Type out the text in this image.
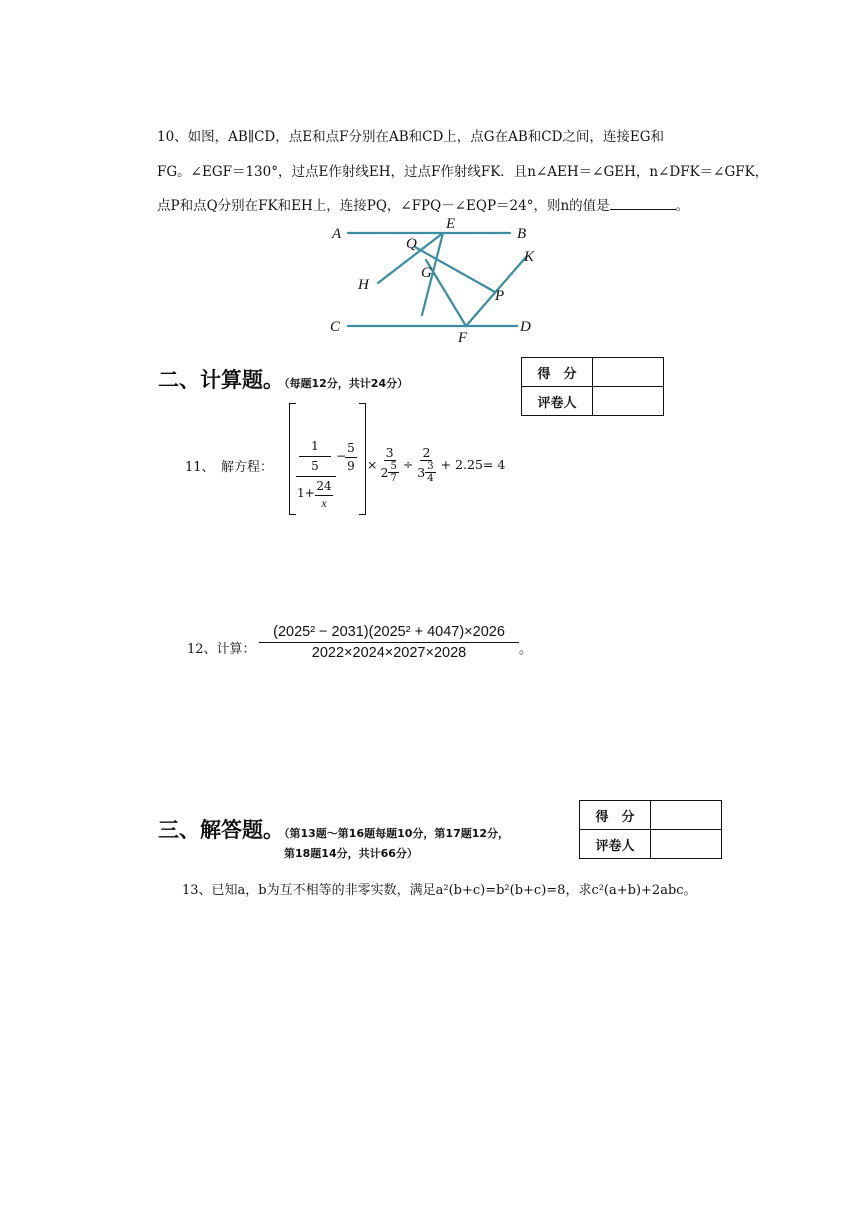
10、如图，AB∥CD，点E和点F分别在AB和CD上，点G在AB和CD之间，连接EG和
FG。∠EGF＝130°，过点E作射线EH，过点F作射线FK．且n∠AEH＝∠GEH，n∠DFK＝∠GFK，
点P和点Q分别在FK和EH上，连接PQ，∠FPQ－∠EQP＝24°，则n的值是	。
A
E
B
Q
K
G
H
P
C
F
D
二、计算题。（每题12分，共计24分）
得　分	
评卷人	
11、　解方程：
1
5
1+ 24
x
−
5
$9 \times \frac{3}{2 \frac{5}{7}} \div \frac{2}{3 \frac{3}{4}} + 2.25= 4$
12、计算：
(2025² − 2031)(2025² + 4047)×2026
2022×2024×2027×2028	。
三、解答题。（第13题～第16题每题10分，第17题12分，
第18题14分，共计66分）
得　分	
评卷人	
13、已知a，b为互不相等的非零实数，满足a²(b+c)=b²(b+c)=8，求c²(a+b)+2abc。
